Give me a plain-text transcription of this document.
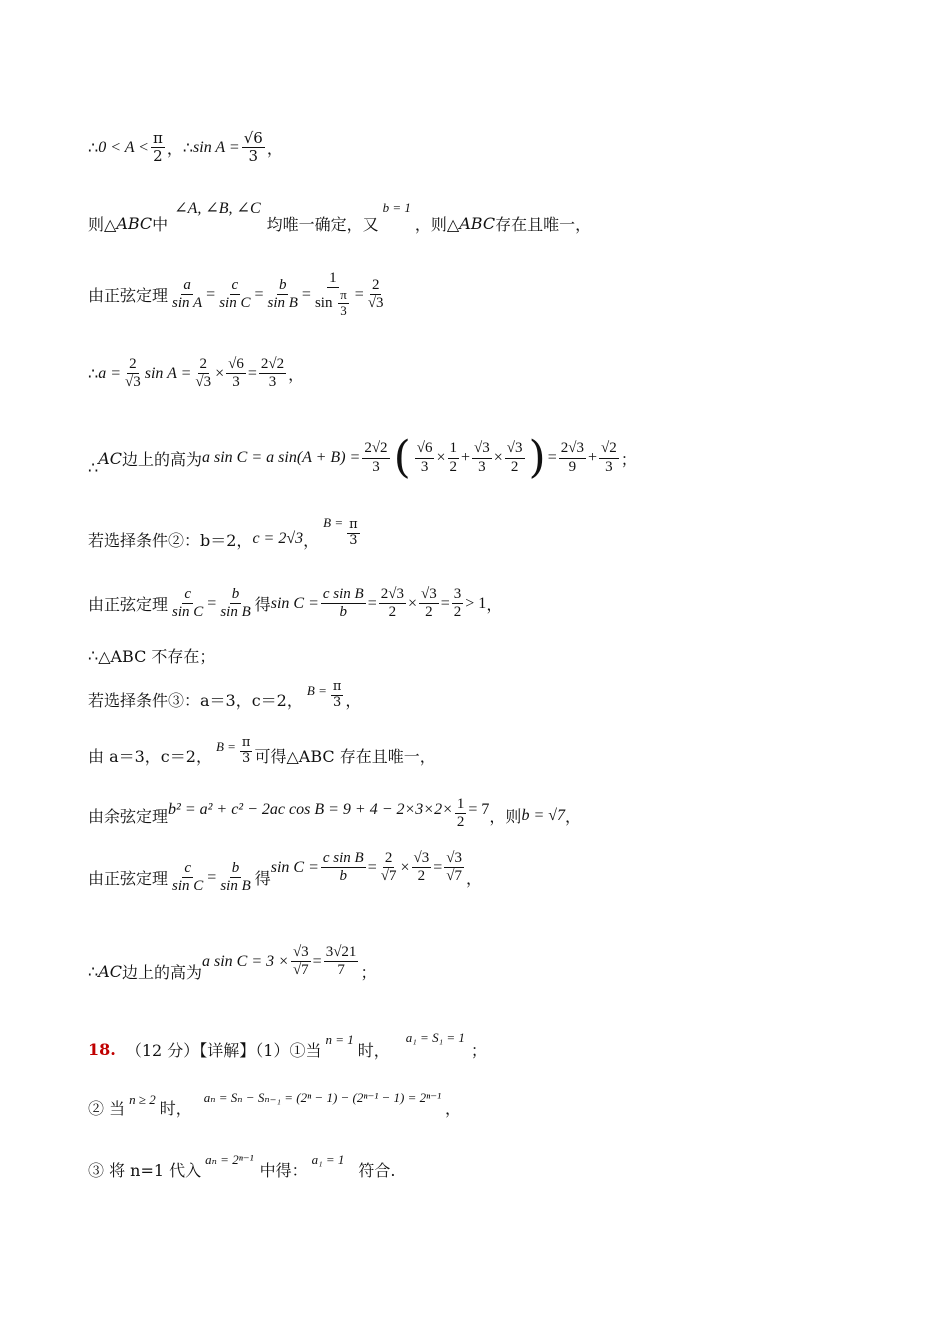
∴ $0 < A < \frac{\pi}{2}$ ， ∴ $\sin A = \frac{√6}{3}$ ，
则△ ABC 中
∠A, ∠B, ∠C
均唯一确定，又
b = 1
，则△ ABC 存在且唯一，
由正弦定理 $\frac{a}{\text{sin A}} = \frac{c}{\text{sin C}} = \frac{b}{\text{sin B}} = \frac{1}{\sin \frac{\pi}{3}} = \frac{2}{√3}$
∴ $a = \frac{2}{√3}$ $\sin A = \frac{2}{√3} \times \frac{√6}{3} = \frac{2√2}{3}$ ，
∴
AC 边上的高为 a sin C = a $\sin(A + B) = \frac{2√2}{3}$ ( $\frac{√6}{3} \times \frac{1}{2} + \frac{√3}{3} \times \frac{√3}{2}$ ) = $\frac{2√3}{9} + \frac{√2}{3}$ ；
若选择条件②：b＝2， c = 2√3 ，
$B = \frac{\pi}{3}$
由正弦定理 $\frac{c}{\text{sin C}} = \frac{b}{\text{sin B}}$ 得 $\sin C = \frac{\text{c sin B}}{b} = \frac{2√3}{2} \times \frac{√3}{2} = \frac{3}{2} > 1$ ，
∴ △ABC 不存在；
若选择条件③：a＝3，c＝2， $B = \frac{\pi}{3}$ ，
由 a＝3，c＝2， $B = \frac{\pi}{3}$ 可得△ABC 存在且唯一，
由余弦定理 b² = a² + c² − 2ac $\cos B = 9 + 4 - 2\times 3\times 2\times \frac{1}{2} = 7$ ，则 b = √7 ，
由正弦定理 $\frac{c}{\text{sin C}} = \frac{b}{\text{sin B}}$ 得
$\sin C = \frac{\text{c sin B}}{b} = \frac{2}{√7} \times \frac{√3}{2} = \frac{√3}{√7}$ ，
∴ AC 边上的高为
a $\sin C = 3 \times \frac{√3}{√7} = \frac{3√21}{7}$ ；
18. （12 分）【详解】（1）①当
n = 1
时，
a₁ = S₁ = 1
；
② 当 n ≥ 2 时，
aₙ = Sₙ − Sₙ₋₁ = (2ⁿ − 1) − (2ⁿ⁻¹ − 1) = 2ⁿ⁻¹
，
③ 将 n=1 代入
aₙ = 2ⁿ⁻¹
中得：
a₁ = 1
符合.
